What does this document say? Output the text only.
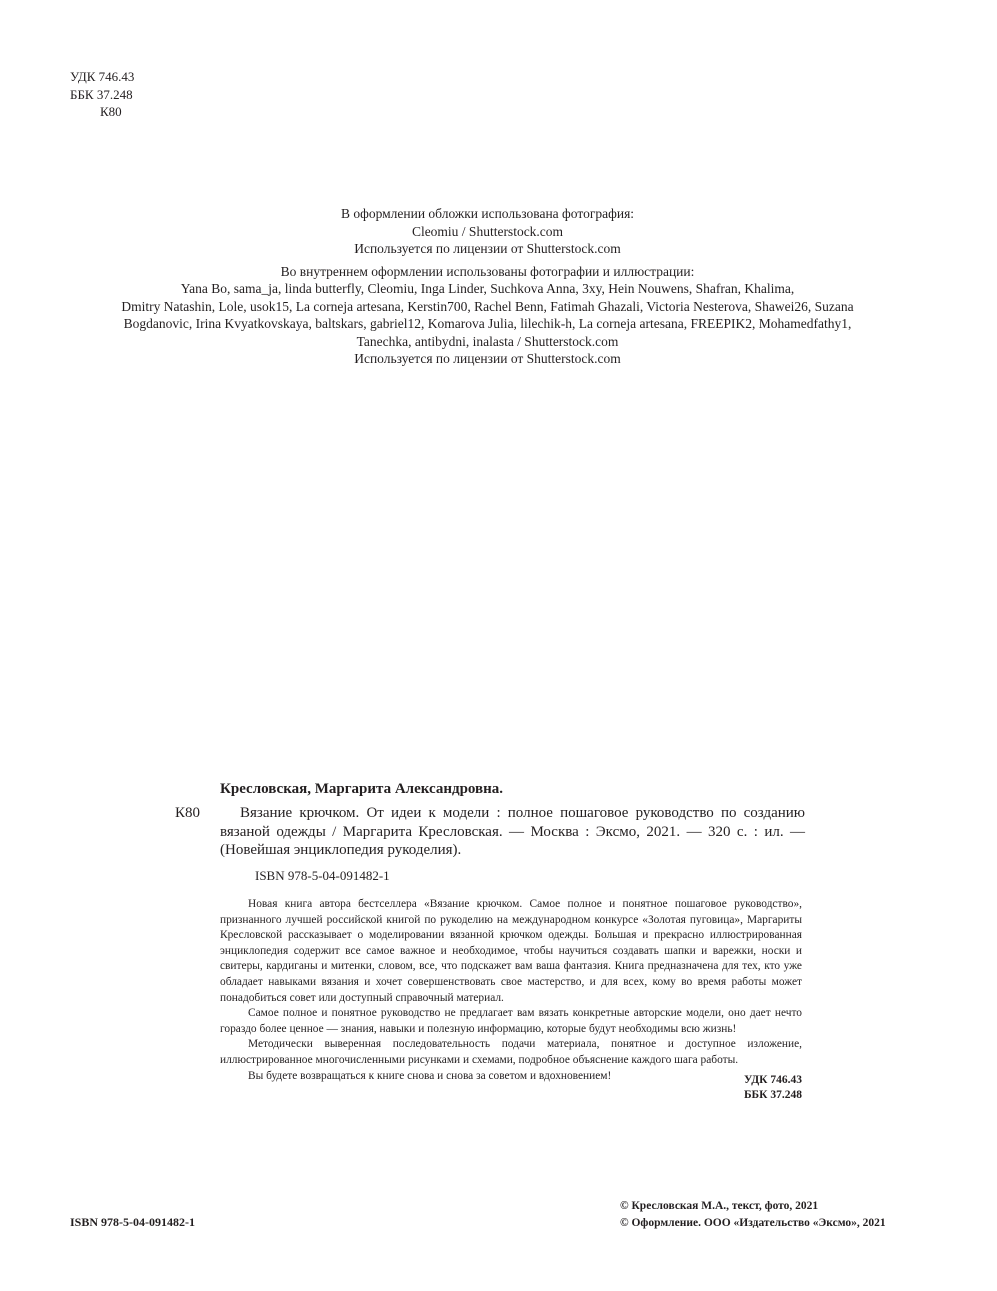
УДК 746.43
ББК 37.248
К80
В оформлении обложки использована фотография:
Cleomiu / Shutterstock.com
Используется по лицензии от Shutterstock.com
Во внутреннем оформлении использованы фотографии и иллюстрации:
Yana Bo, sama_ja, linda butterfly, Cleomiu, Inga Linder, Suchkova Anna, 3xy, Hein Nouwens, Shafran, Khalima,
Dmitry Natashin, Lole, usok15, La corneja artesana, Kerstin700, Rachel Benn, Fatimah Ghazali, Victoria Nesterova, Shawei26, Suzana
Bogdanovic, Irina Kvyatkovskaya, baltskars, gabriel12, Komarova Julia, lilechik-h, La corneja artesana, FREEPIK2, Mohamedfathy1,
Tanechka, antibydni, inalasta / Shutterstock.com
Используется по лицензии от Shutterstock.com
Кресловская, Маргарита Александровна.
К80	Вязание крючком. От идеи к модели : полное пошаговое руководство по созданию вязаной одежды / Маргарита Кресловская. — Москва : Эксмо, 2021. — 320 с. : ил. — (Новейшая энциклопедия рукоделия).
ISBN 978-5-04-091482-1

Новая книга автора бестселлера «Вязание крючком. Самое полное и понятное пошаговое руководство», признанного лучшей российской книгой по рукоделию на международном конкурсе «Золотая пуговица», Маргариты Кресловской рассказывает о моделировании вязанной крючком одежды. Большая и прекрасно иллюстрированная энциклопедия содержит все самое важное и необходимое, чтобы научиться создавать шапки и варежки, носки и свитеры, кардиганы и митенки, словом, все, что подскажет вам ваша фантазия. Книга предназначена для тех, кто уже обладает навыками вязания и хочет совершенствовать свое мастерство, и для всех, кому во время работы может понадобиться совет или доступный справочный материал.

Самое полное и понятное руководство не предлагает вам вязать конкретные авторские модели, оно дает нечто гораздо более ценное — знания, навыки и полезную информацию, которые будут необходимы всю жизнь!

Методически выверенная последовательность подачи материала, понятное и доступное изложение, иллюстрированное многочисленными рисунками и схемами, подробное объяснение каждого шага работы.

Вы будете возвращаться к книге снова и снова за советом и вдохновением!	УДК 746.43
ББК 37.248
ISBN 978-5-04-091482-1
© Кресловская М.А., текст, фото, 2021
© Оформление. ООО «Издательство «Эксмо», 2021
